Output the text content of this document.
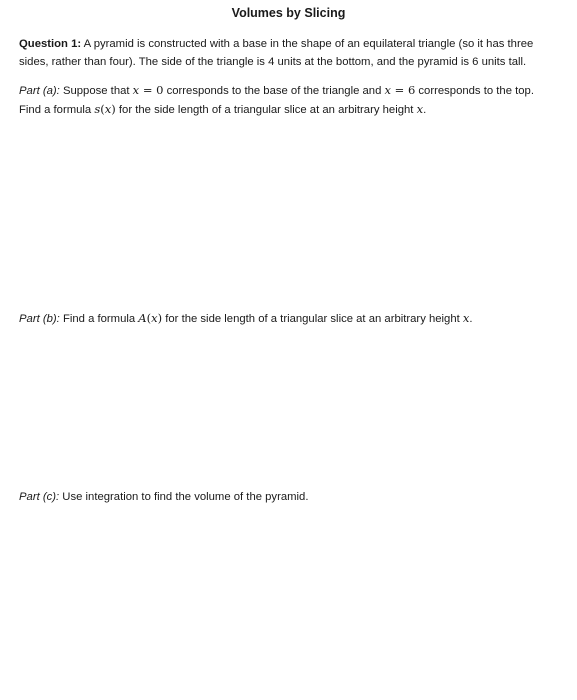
Volumes by Slicing
Question 1: A pyramid is constructed with a base in the shape of an equilateral triangle (so it has three
sides, rather than four). The side of the triangle is 4 units at the bottom, and the pyramid is 6 units tall.
Part (a): Suppose that x = 0 corresponds to the base of the triangle and x = 6 corresponds to the top.
Find a formula s(x) for the side length of a triangular slice at an arbitrary height x.
Part (b): Find a formula A(x) for the side length of a triangular slice at an arbitrary height x.
Part (c): Use integration to find the volume of the pyramid.
